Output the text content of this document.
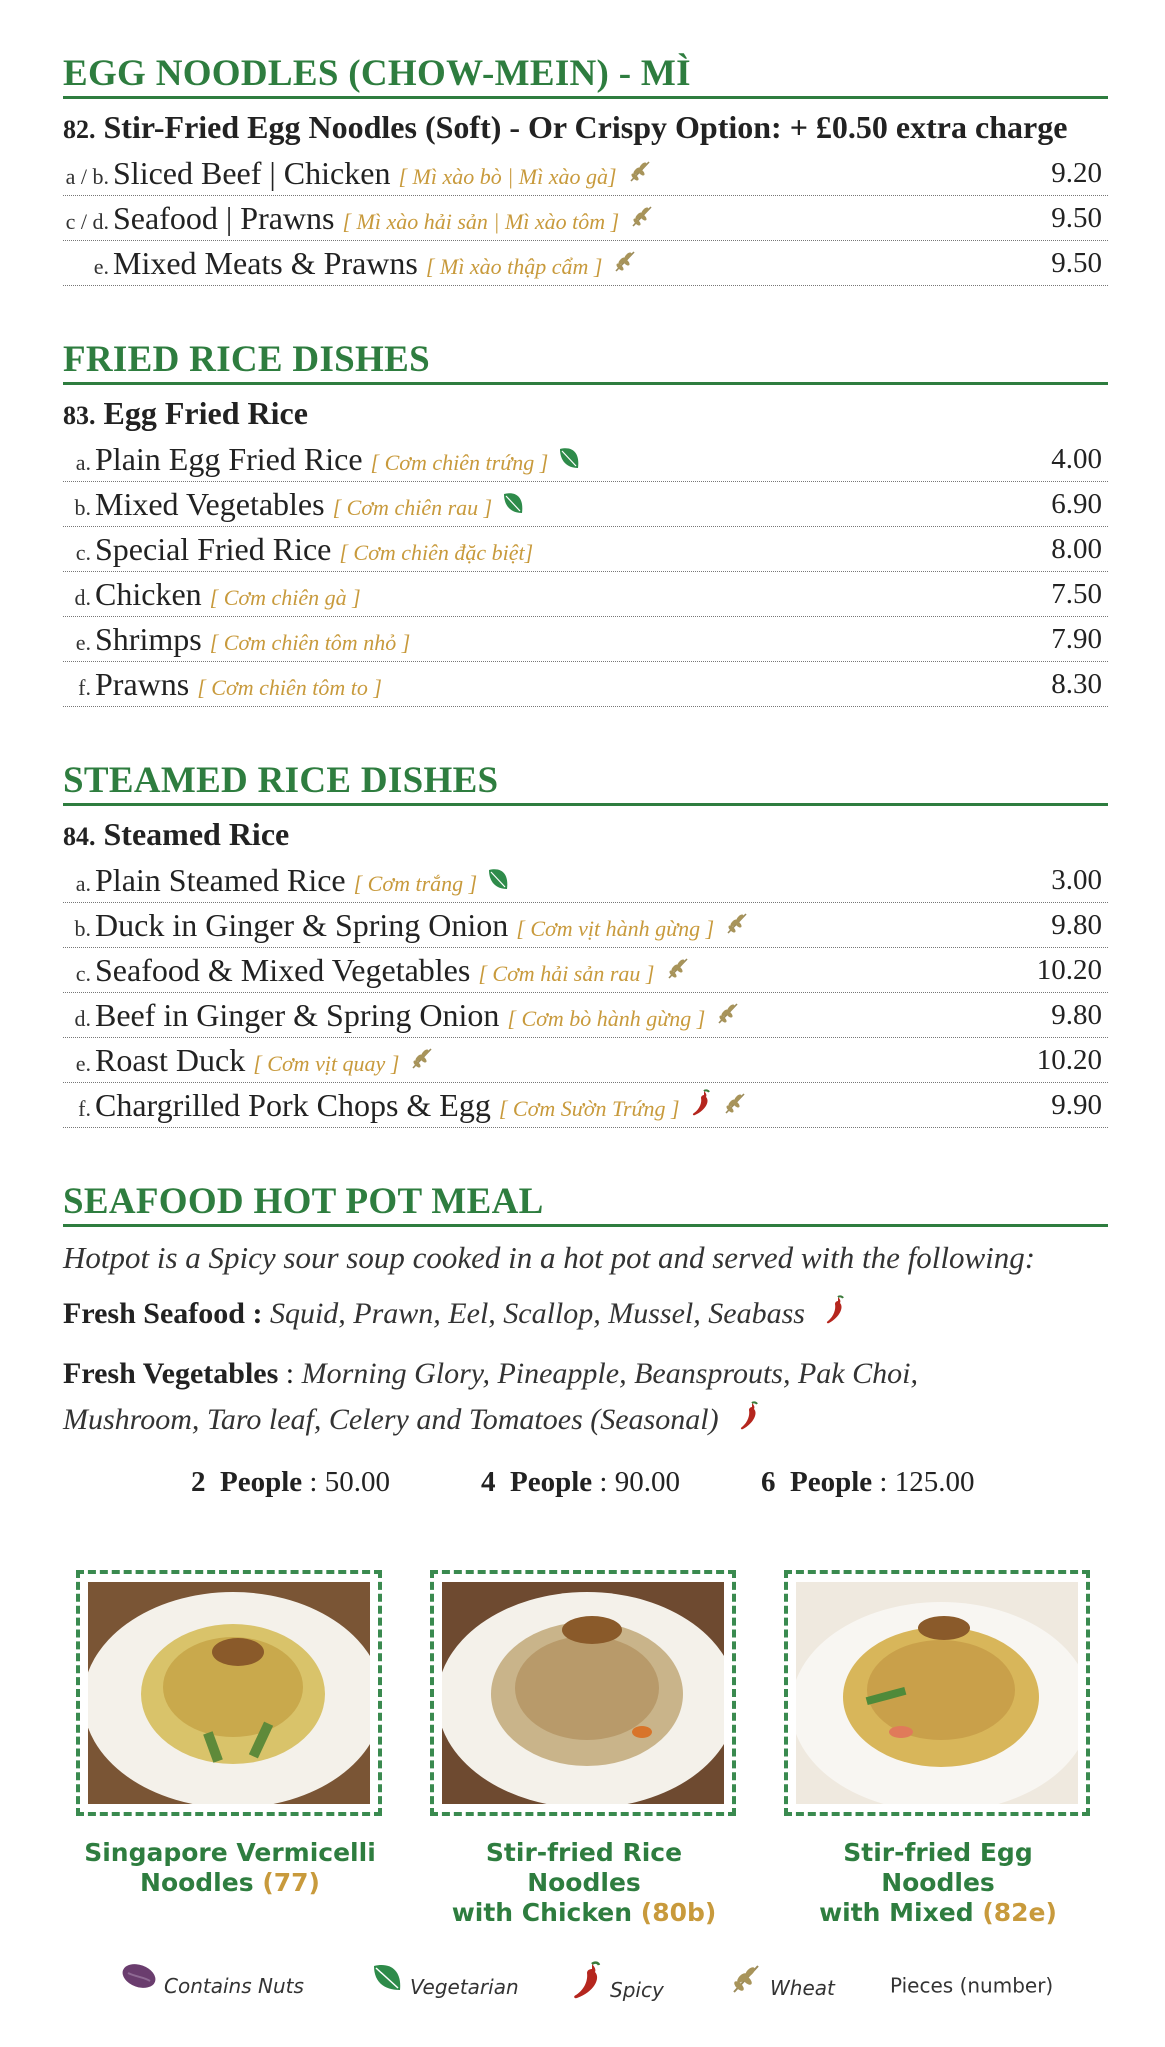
EGG NOODLES (CHOW-MEIN) - MÌ
82. Stir-Fried Egg Noodles (Soft) - Or Crispy Option: + £0.50 extra charge
a / b. Sliced Beef | Chicken [ Mì xào bò | Mì xào gà]	9.20
c / d. Seafood | Prawns [ Mì xào hải sản | Mì xào tôm ]	9.50
e. Mixed Meats & Prawns [ Mì xào thập cẩm ]	9.50
FRIED RICE DISHES
83. Egg Fried Rice
a. Plain Egg Fried Rice [ Cơm chiên trứng ]	4.00
b. Mixed Vegetables [ Cơm chiên rau ]	6.90
c. Special Fried Rice [ Cơm chiên đặc biệt]	8.00
d. Chicken [ Cơm chiên gà ]	7.50
e. Shrimps [ Cơm chiên tôm nhỏ ]	7.90
f. Prawns [ Cơm chiên tôm to ]	8.30
STEAMED RICE DISHES
84. Steamed Rice
a. Plain Steamed Rice [ Cơm trắng ]	3.00
b. Duck in Ginger & Spring Onion [ Cơm vịt hành gừng ]	9.80
c. Seafood & Mixed Vegetables [ Cơm hải sản rau ]	10.20
d. Beef in Ginger & Spring Onion [ Cơm bò hành gừng ]	9.80
e. Roast Duck [ Cơm vịt quay ]	10.20
f. Chargrilled Pork Chops & Egg [ Cơm Sườn Trứng ]	9.90
SEAFOOD HOT POT MEAL
Hotpot is a Spicy sour soup cooked in a hot pot and served with the following:
Fresh Seafood : Squid, Prawn, Eel, Scallop, Mussel, Seabass
Fresh Vegetables : Morning Glory, Pineapple, Beansprouts, Pak Choi,
Mushroom, Taro leaf, Celery and Tomatoes (Seasonal)
2 People : 50.00	4 People : 90.00	6 People : 125.00
Singapore Vermicelli
Noodles (77)
Stir-fried Rice Noodles
with Chicken (80b)
Stir-fried Egg Noodles
with Mixed (82e)
Contains Nuts	Vegetarian	Spicy	Wheat	Pieces (number)
